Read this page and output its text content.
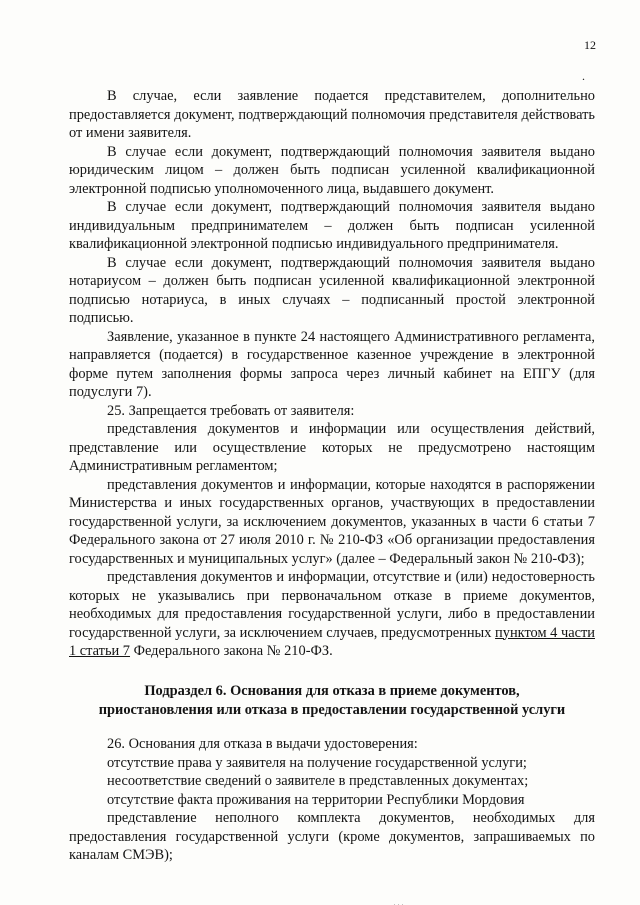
12
.

В случае, если заявление подается представителем, дополнительно предоставляется документ, подтверждающий полномочия представителя действовать от имени заявителя.

В случае если документ, подтверждающий полномочия заявителя выдано юридическим лицом – должен быть подписан усиленной квалификационной электронной подписью уполномоченного лица, выдавшего документ.

В случае если документ, подтверждающий полномочия заявителя выдано индивидуальным предпринимателем – должен быть подписан усиленной квалификационной электронной подписью индивидуального предпринимателя.

В случае если документ, подтверждающий полномочия заявителя выдано нотариусом – должен быть подписан усиленной квалификационной электронной подписью нотариуса, в иных случаях – подписанный простой электронной подписью.

Заявление, указанное в пункте 24 настоящего Административного регламента, направляется (подается) в государственное казенное учреждение в электронной форме путем заполнения формы запроса через личный кабинет на ЕПГУ (для подуслуги 7).

25. Запрещается требовать от заявителя:

представления документов и информации или осуществления действий, представление или осуществление которых не предусмотрено настоящим Административным регламентом;

представления документов и информации, которые находятся в распоряжении Министерства и иных государственных органов, участвующих в предоставлении государственной услуги, за исключением документов, указанных в части 6 статьи 7 Федерального закона от 27 июля 2010 г. № 210-ФЗ «Об организации предоставления государственных и муниципальных услуг» (далее – Федеральный закон № 210-ФЗ);

представления документов и информации, отсутствие и (или) недостоверность которых не указывались при первоначальном отказе в приеме документов, необходимых для предоставления государственной услуги, либо в предоставлении государственной услуги, за исключением случаев, предусмотренных пунктом 4 части 1 статьи 7 Федерального закона № 210-ФЗ.

Подраздел 6. Основания для отказа в приеме документов,
приостановления или отказа в предоставлении государственной услуги

26. Основания для отказа в выдачи удостоверения:

отсутствие права у заявителя на получение государственной услуги;

несоответствие сведений о заявителе в представленных документах;

отсутствие факта проживания на территории Республики Мордовия

представление неполного комплекта документов, необходимых для предоставления государственной услуги (кроме документов, запрашиваемых по каналам СМЭВ);

...
